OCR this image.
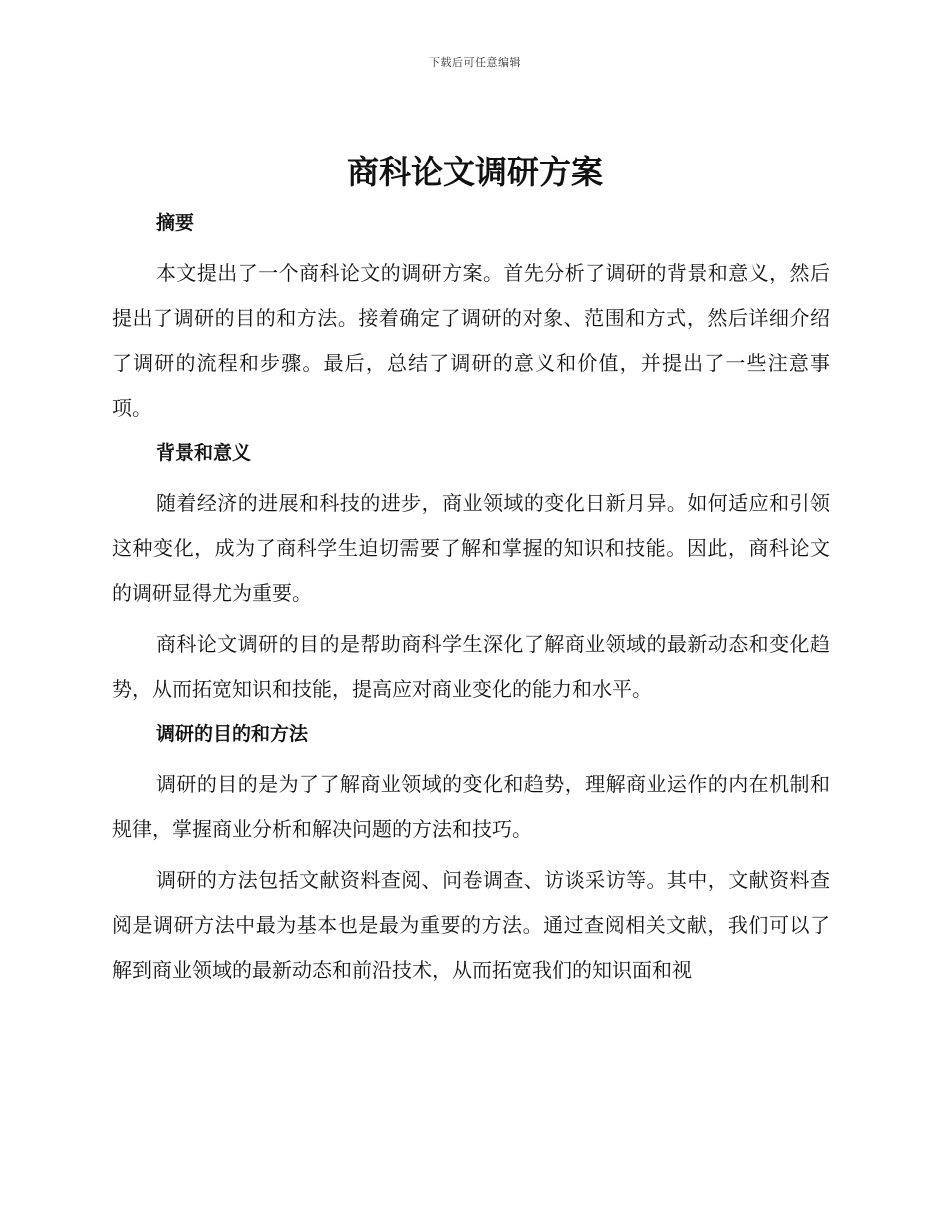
下载后可任意编辑
商科论文调研方案
摘要

本文提出了一个商科论文的调研方案。首先分析了调研的背景和意义，然后提出了调研的目的和方法。接着确定了调研的对象、范围和方式，然后详细介绍了调研的流程和步骤。最后，总结了调研的意义和价值，并提出了一些注意事项。

背景和意义

随着经济的进展和科技的进步，商业领域的变化日新月异。如何适应和引领这种变化，成为了商科学生迫切需要了解和掌握的知识和技能。因此，商科论文的调研显得尤为重要。

商科论文调研的目的是帮助商科学生深化了解商业领域的最新动态和变化趋势，从而拓宽知识和技能，提高应对商业变化的能力和水平。

调研的目的和方法

调研的目的是为了了解商业领域的变化和趋势，理解商业运作的内在机制和规律，掌握商业分析和解决问题的方法和技巧。

调研的方法包括文献资料查阅、问卷调查、访谈采访等。其中，文献资料查阅是调研方法中最为基本也是最为重要的方法。通过查阅相关文献，我们可以了解到商业领域的最新动态和前沿技术，从而拓宽我们的知识面和视
